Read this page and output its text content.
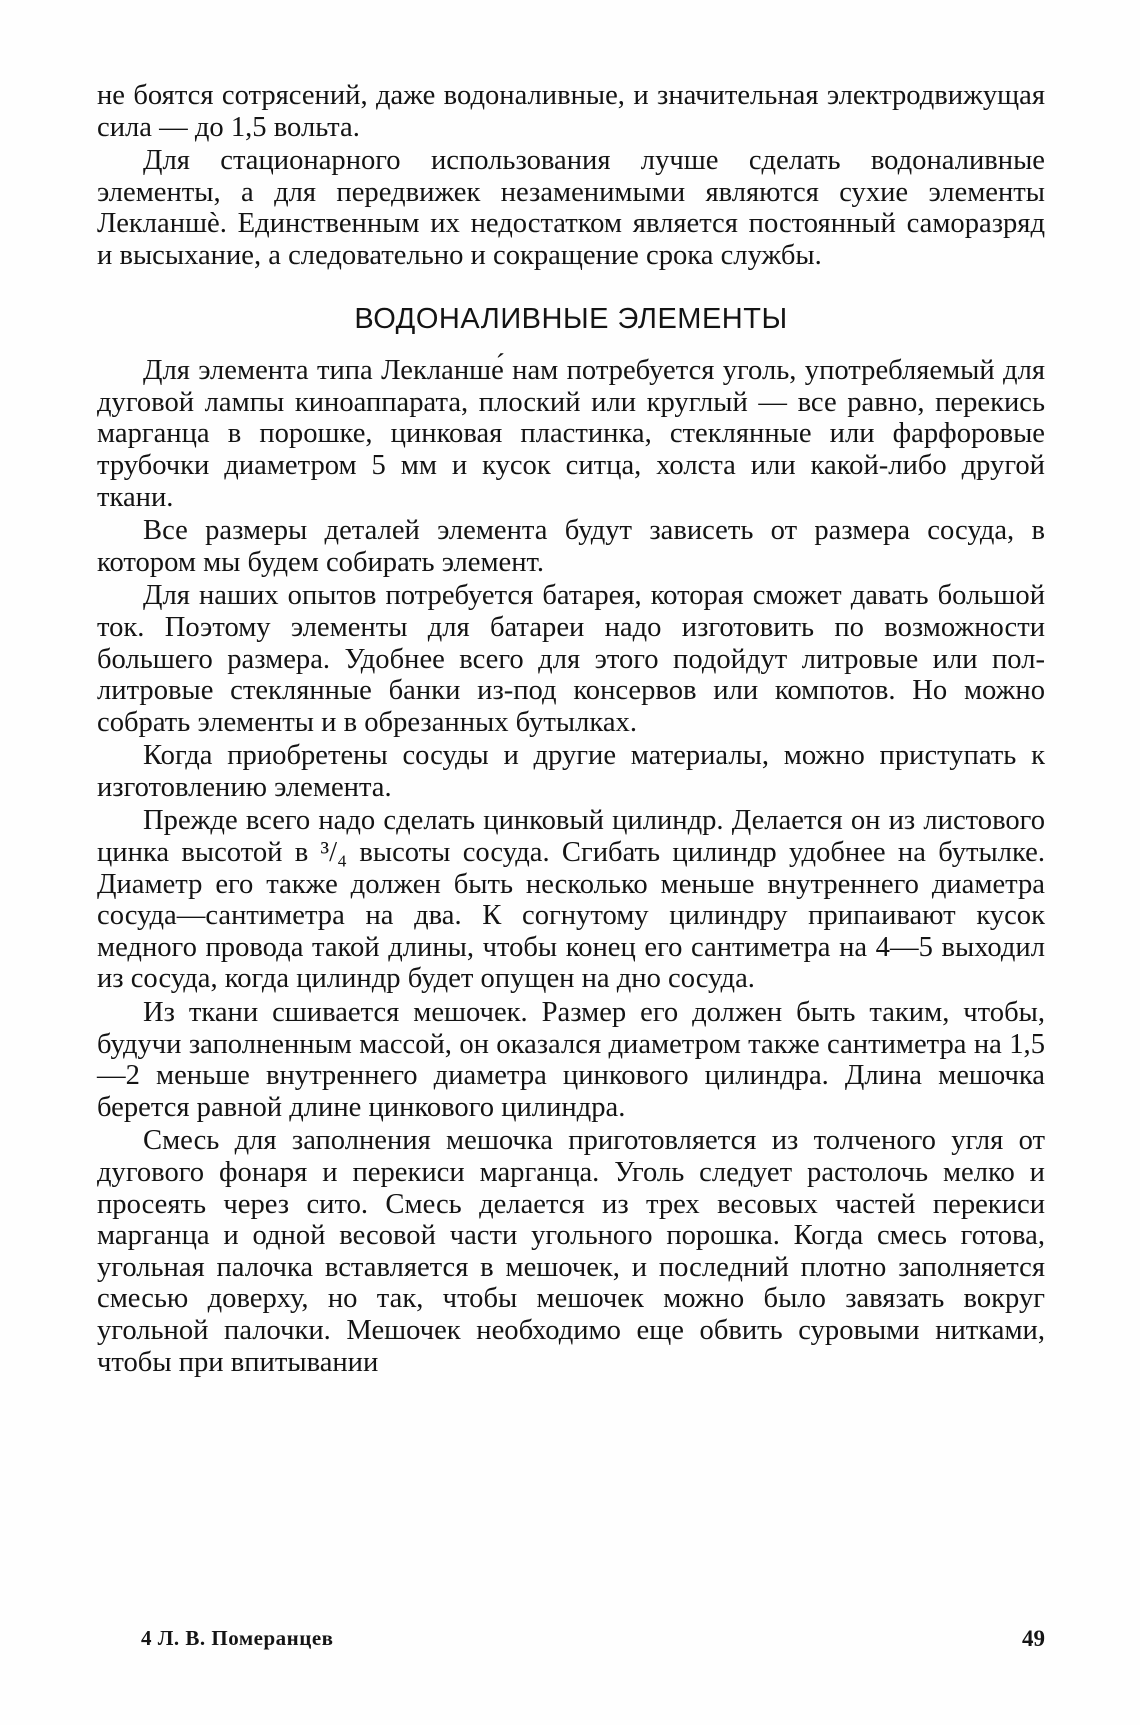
не боятся сотрясений, даже водоналивные, и значительная электродвижущая сила — до 1,5 вольта.

Для стационарного использования лучше сделать водоналивные элементы, а для передвижек незаменимыми являются сухие элементы Лекланшѐ. Единственным их недостатком является постоянный саморазряд и высыхание, а следовательно и сокращение срока службы.

ВОДОНАЛИВНЫЕ ЭЛЕМЕНТЫ

Для элемента типа Лекланше́ нам потребуется уголь, употребляемый для дуговой лампы киноаппарата, плоский или круглый — все равно, перекись марганца в порошке, цинковая пластинка, стеклянные или фарфоровые трубочки диаметром 5 мм и кусок ситца, холста или какой-либо другой ткани.

Все размеры деталей элемента будут зависеть от размера сосуда, в котором мы будем собирать элемент.

Для наших опытов потребуется батарея, которая сможет давать большой ток. Поэтому элементы для батареи надо изготовить по возможности большего размера. Удобнее всего для этого подойдут литровые или пол-литровые стеклянные банки из-под консервов или компотов. Но можно собрать элементы и в обрезанных бутылках.

Когда приобретены сосуды и другие материалы, можно приступать к изготовлению элемента.

Прежде всего надо сделать цинковый цилиндр. Делается он из листового цинка высотой в ³/₄ высоты сосуда. Сгибать цилиндр удобнее на бутылке. Диаметр его также должен быть несколько меньше внутреннего диаметра сосуда—сантиметра на два. К согнутому цилиндру припаивают кусок медного провода такой длины, чтобы конец его сантиметра на 4—5 выходил из сосуда, когда цилиндр будет опущен на дно сосуда.

Из ткани сшивается мешочек. Размер его должен быть таким, чтобы, будучи заполненным массой, он оказался диаметром также сантиметра на 1,5—2 меньше внутреннего диаметра цинкового цилиндра. Длина мешочка берется равной длине цинкового цилиндра.

Смесь для заполнения мешочка приготовляется из толченого угля от дугового фонаря и перекиси марганца. Уголь следует растолочь мелко и просеять через сито. Смесь делается из трех весовых частей перекиси марганца и одной весовой части угольного порошка. Когда смесь готова, угольная палочка вставляется в мешочек, и последний плотно заполняется смесью доверху, но так, чтобы мешочек можно было завязать вокруг угольной палочки. Мешочек необходимо еще обвить суровыми нитками, чтобы при впитывании

4 Л. В. Померанцев	49
